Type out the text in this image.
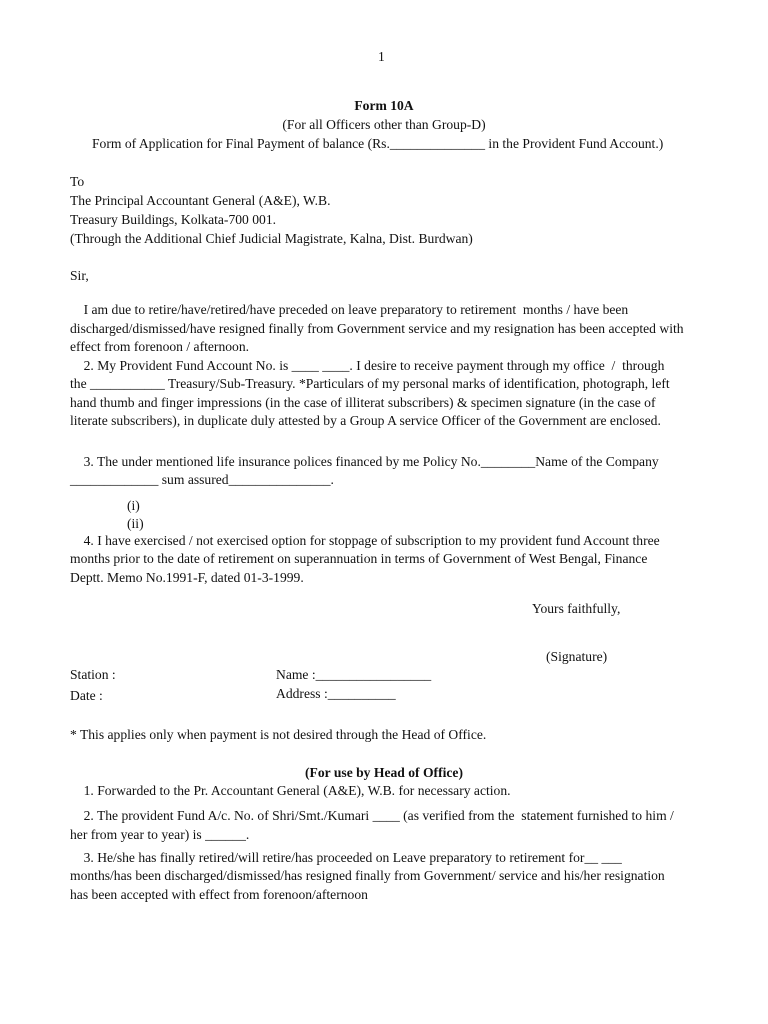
1
Form 10A
(For all Officers other than Group-D)
Form of Application for Final Payment of balance (Rs.______________ in the Provident Fund Account.)
To
The Principal Accountant General (A&E), W.B.
Treasury Buildings, Kolkata-700 001.
(Through the Additional Chief Judicial Magistrate, Kalna, Dist. Burdwan)
Sir,
I am due to retire/have/retired/have preceded on leave preparatory to retirement  months / have been
discharged/dismissed/have resigned finally from Government service and my resignation has been accepted with
effect from forenoon / afternoon.
2. My Provident Fund Account No. is ____ ____. I desire to receive payment through my office  /  through
the ___________ Treasury/Sub-Treasury. *Particulars of my personal marks of identification, photograph, left
hand thumb and finger impressions (in the case of illiterat subscribers) & specimen signature (in the case of
literate subscribers), in duplicate duly attested by a Group A service Officer of the Government are enclosed.
3. The under mentioned life insurance polices financed by me Policy No.________Name of the Company
_____________ sum assured_______________.
(i)
(ii)
4. I have exercised / not exercised option for stoppage of subscription to my provident fund Account three
months prior to the date of retirement on superannuation in terms of Government of West Bengal, Finance
Deptt. Memo No.1991-F, dated 01-3-1999.
Yours faithfully,
(Signature)
Station :	Name :_________________
Date :	Address :__________
* This applies only when payment is not desired through the Head of Office.
(For use by Head of Office)
1. Forwarded to the Pr. Accountant General (A&E), W.B. for necessary action.
2. The provident Fund A/c. No. of Shri/Smt./Kumari ____ (as verified from the  statement furnished to him /
her from year to year) is ______.
3. He/she has finally retired/will retire/has proceeded on Leave preparatory to retirement for__ ___
months/has been discharged/dismissed/has resigned finally from Government/ service and his/her resignation
has been accepted with effect from forenoon/afternoon
